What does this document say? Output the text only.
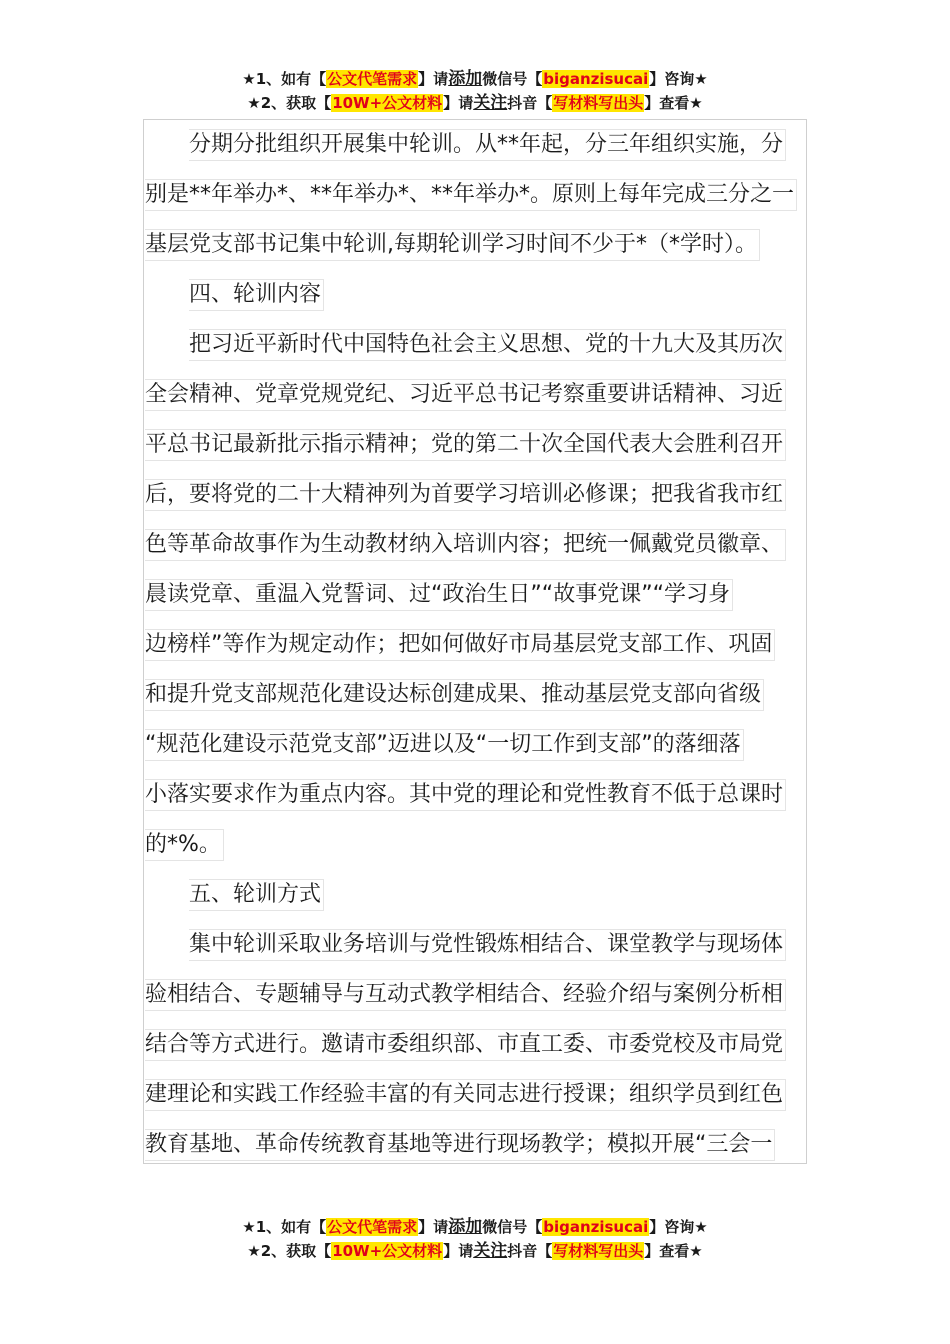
★1、如有【公文代笔需求】请添加微信号【biganzisucai】咨询★
★2、获取【10W+公文材料】请关注抖音【写材料写出头】查看★
分期分批组织开展集中轮训。从**年起，分三年组织实施，分
别是**年举办*、**年举办*、**年举办*。原则上每年完成三分之一
基层党支部书记集中轮训,每期轮训学习时间不少于*（*学时）。
四、轮训内容
把习近平新时代中国特色社会主义思想、党的十九大及其历次
全会精神、党章党规党纪、习近平总书记考察重要讲话精神、习近
平总书记最新批示指示精神；党的第二十次全国代表大会胜利召开
后，要将党的二十大精神列为首要学习培训必修课；把我省我市红
色等革命故事作为生动教材纳入培训内容；把统一佩戴党员徽章、
晨读党章、重温入党誓词、过“政治生日”“故事党课”“学习身
边榜样”等作为规定动作；把如何做好市局基层党支部工作、巩固
和提升党支部规范化建设达标创建成果、推动基层党支部向省级
“规范化建设示范党支部”迈进以及“一切工作到支部”的落细落
小落实要求作为重点内容。其中党的理论和党性教育不低于总课时
的*%。
五、轮训方式
集中轮训采取业务培训与党性锻炼相结合、课堂教学与现场体
验相结合、专题辅导与互动式教学相结合、经验介绍与案例分析相
结合等方式进行。邀请市委组织部、市直工委、市委党校及市局党
建理论和实践工作经验丰富的有关同志进行授课；组织学员到红色
教育基地、革命传统教育基地等进行现场教学；模拟开展“三会一
★1、如有【公文代笔需求】请添加微信号【biganzisucai】咨询★
★2、获取【10W+公文材料】请关注抖音【写材料写出头】查看★
